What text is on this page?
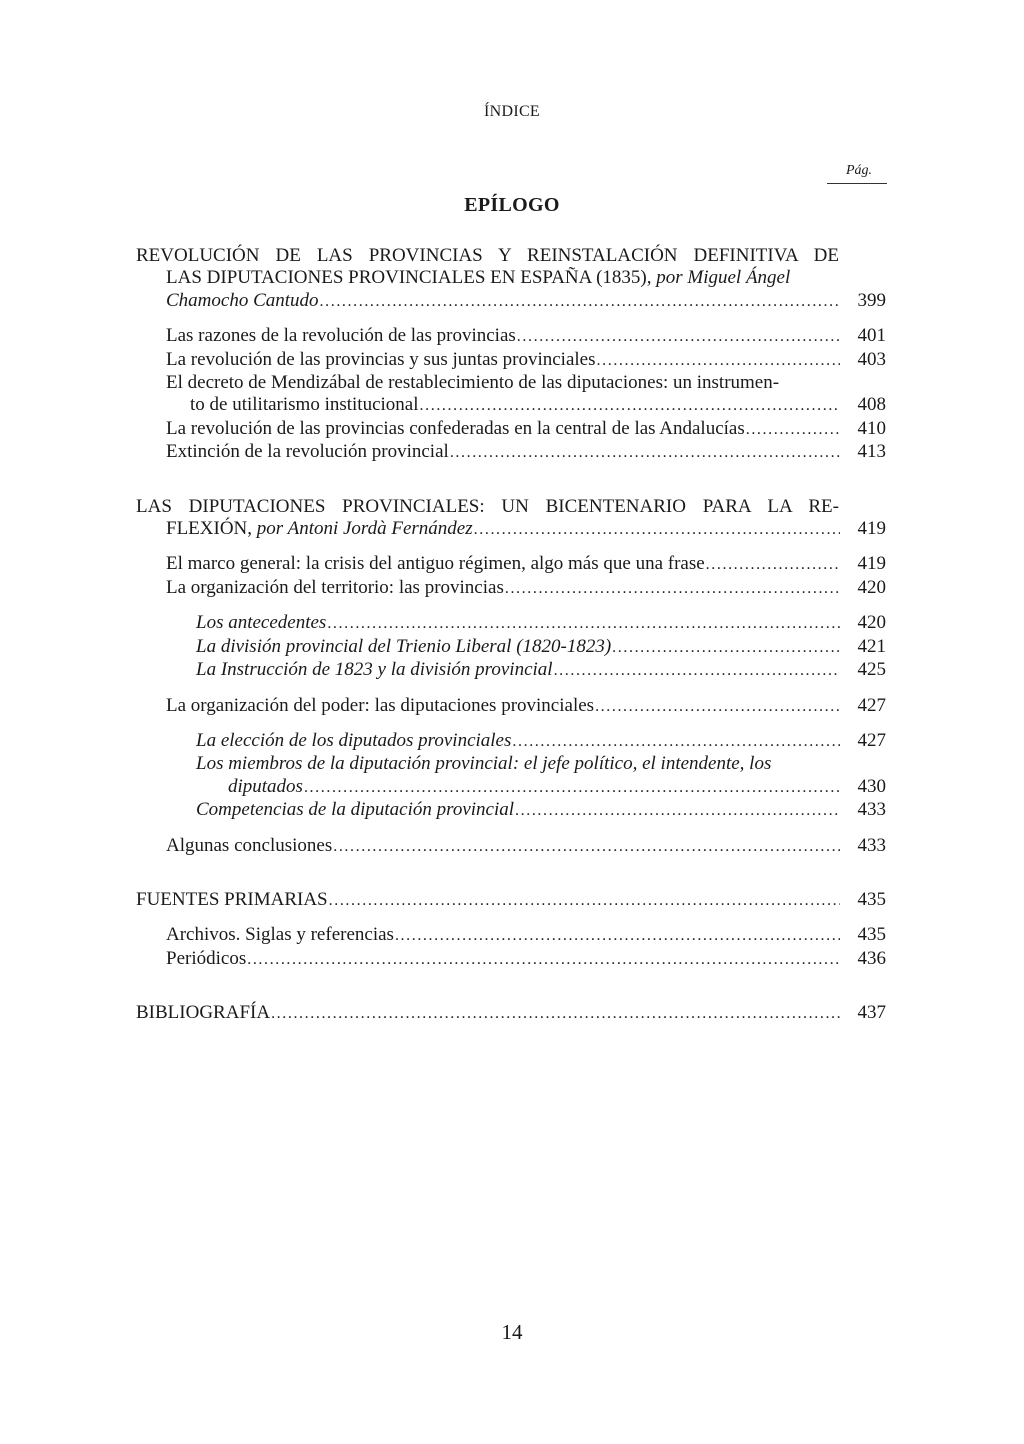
ÍNDICE
Pág.
EPÍLOGO
REVOLUCIÓN DE LAS PROVINCIAS Y REINSTALACIÓN DEFINITIVA DE
LAS DIPUTACIONES PROVINCIALES EN ESPAÑA (1835), por Miguel Ángel
Chamocho Cantudo .....	399
Las razones de la revolución de las provincias .....	401
La revolución de las provincias y sus juntas provinciales .....	403
El decreto de Mendizábal de restablecimiento de las diputaciones: un instrumen-
to de utilitarismo institucional .....	408
La revolución de las provincias confederadas en la central de las Andalucías .....	410
Extinción de la revolución provincial .....	413
LAS DIPUTACIONES PROVINCIALES: UN BICENTENARIO PARA LA RE-
FLEXIÓN, por Antoni Jordà Fernández .....	419
El marco general: la crisis del antiguo régimen, algo más que una frase .....	419
La organización del territorio: las provincias .....	420
Los antecedentes .....	420
La división provincial del Trienio Liberal (1820-1823) .....	421
La Instrucción de 1823 y la división provincial .....	425
La organización del poder: las diputaciones provinciales .....	427
La elección de los diputados provinciales .....	427
Los miembros de la diputación provincial: el jefe político, el intendente, los
diputados .....	430
Competencias de la diputación provincial .....	433
Algunas conclusiones .....	433
FUENTES PRIMARIAS .....	435
Archivos. Siglas y referencias .....	435
Periódicos .....	436
BIBLIOGRAFÍA .....	437
14
